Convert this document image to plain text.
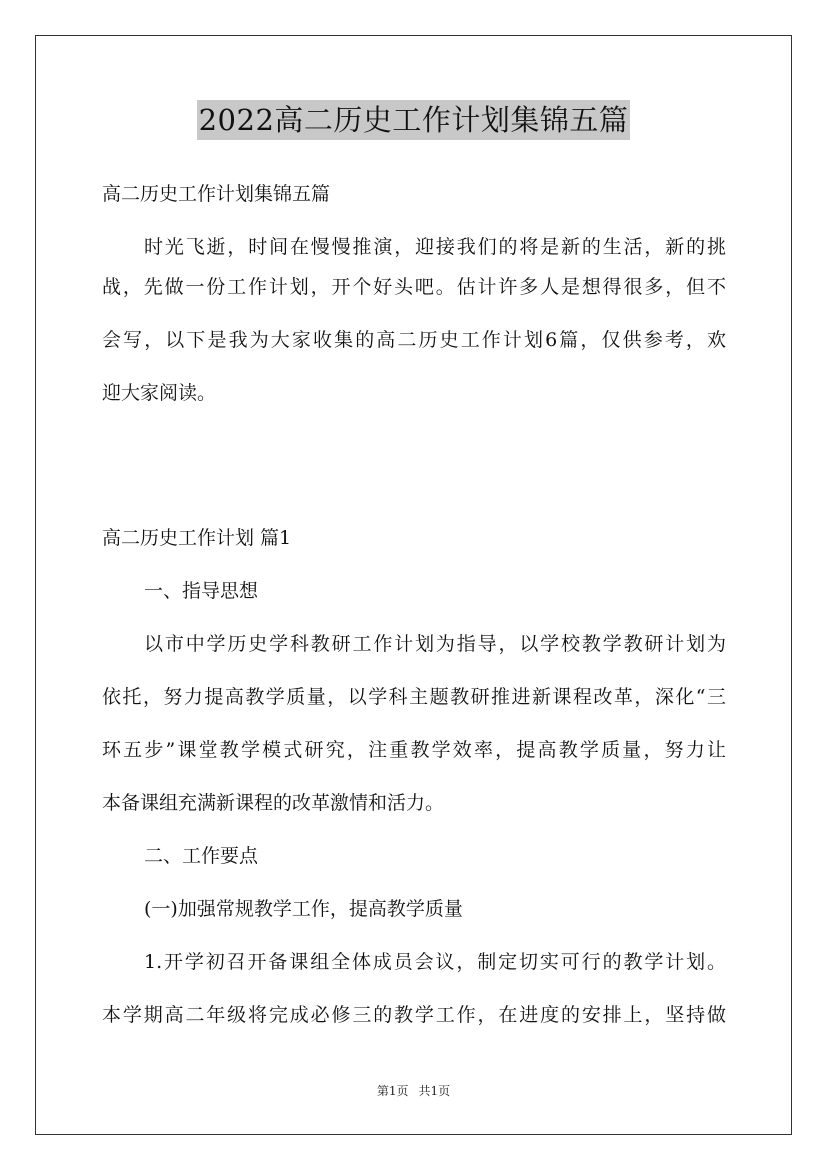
2022高二历史工作计划集锦五篇
高二历史工作计划集锦五篇
时光飞逝，时间在慢慢推演，迎接我们的将是新的生活，新的挑
战，先做一份工作计划，开个好头吧。估计许多人是想得很多，但不
会写，以下是我为大家收集的高二历史工作计划6篇，仅供参考，欢
迎大家阅读。
高二历史工作计划 篇1
一、指导思想
以市中学历史学科教研工作计划为指导，以学校教学教研计划为
依托，努力提高教学质量，以学科主题教研推进新课程改革，深化“三
环五步”课堂教学模式研究，注重教学效率，提高教学质量，努力让
本备课组充满新课程的改革激情和活力。
二、工作要点
(一)加强常规教学工作，提高教学质量
1.开学初召开备课组全体成员会议，制定切实可行的教学计划。
本学期高二年级将完成必修三的教学工作，在进度的安排上，坚持做
第1页 共1页
